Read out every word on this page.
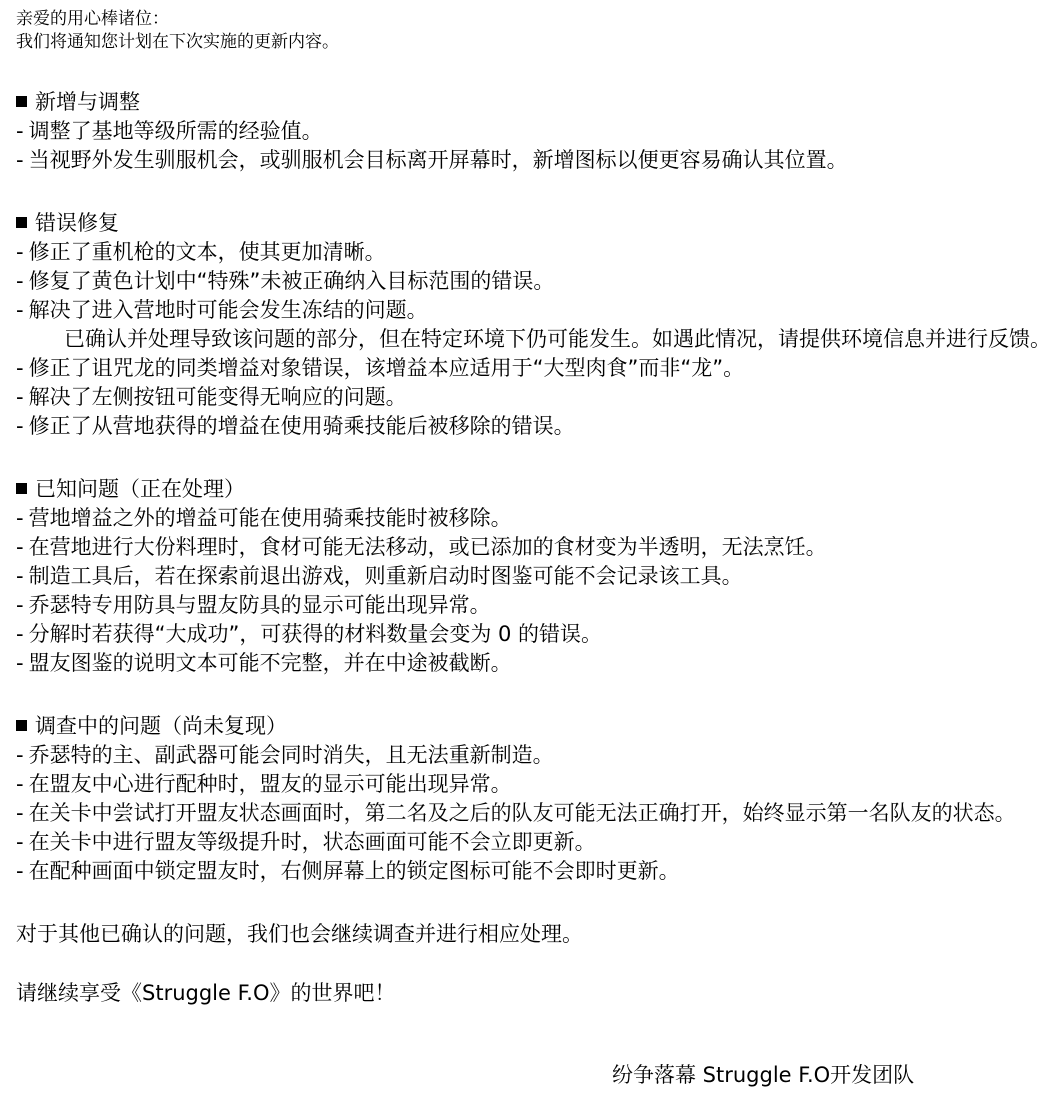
亲爱的用心棒诸位：
我们将通知您计划在下次实施的更新内容。
新增与调整
- 调整了基地等级所需的经验值。
- 当视野外发生驯服机会，或驯服机会目标离开屏幕时，新增图标以便更容易确认其位置。
错误修复
- 修正了重机枪的文本，使其更加清晰。
- 修复了黄色计划中“特殊”未被正确纳入目标范围的错误。
- 解决了进入营地时可能会发生冻结的问题。
已确认并处理导致该问题的部分，但在特定环境下仍可能发生。如遇此情况，请提供环境信息并进行反馈。
- 修正了诅咒龙的同类增益对象错误，该增益本应适用于“大型肉食”而非“龙”。
- 解决了左侧按钮可能变得无响应的问题。
- 修正了从营地获得的增益在使用骑乘技能后被移除的错误。
已知问题（正在处理）
- 营地增益之外的增益可能在使用骑乘技能时被移除。
- 在营地进行大份料理时，食材可能无法移动，或已添加的食材变为半透明，无法烹饪。
- 制造工具后，若在探索前退出游戏，则重新启动时图鉴可能不会记录该工具。
- 乔瑟特专用防具与盟友防具的显示可能出现异常。
- 分解时若获得“大成功”，可获得的材料数量会变为 0 的错误。
- 盟友图鉴的说明文本可能不完整，并在中途被截断。
调查中的问题（尚未复现）
- 乔瑟特的主、副武器可能会同时消失，且无法重新制造。
- 在盟友中心进行配种时，盟友的显示可能出现异常。
- 在关卡中尝试打开盟友状态画面时，第二名及之后的队友可能无法正确打开，始终显示第一名队友的状态。
- 在关卡中进行盟友等级提升时，状态画面可能不会立即更新。
- 在配种画面中锁定盟友时，右侧屏幕上的锁定图标可能不会即时更新。
对于其他已确认的问题，我们也会继续调查并进行相应处理。
请继续享受《Struggle F.O》的世界吧！
纷争落幕 Struggle F.O开发团队
